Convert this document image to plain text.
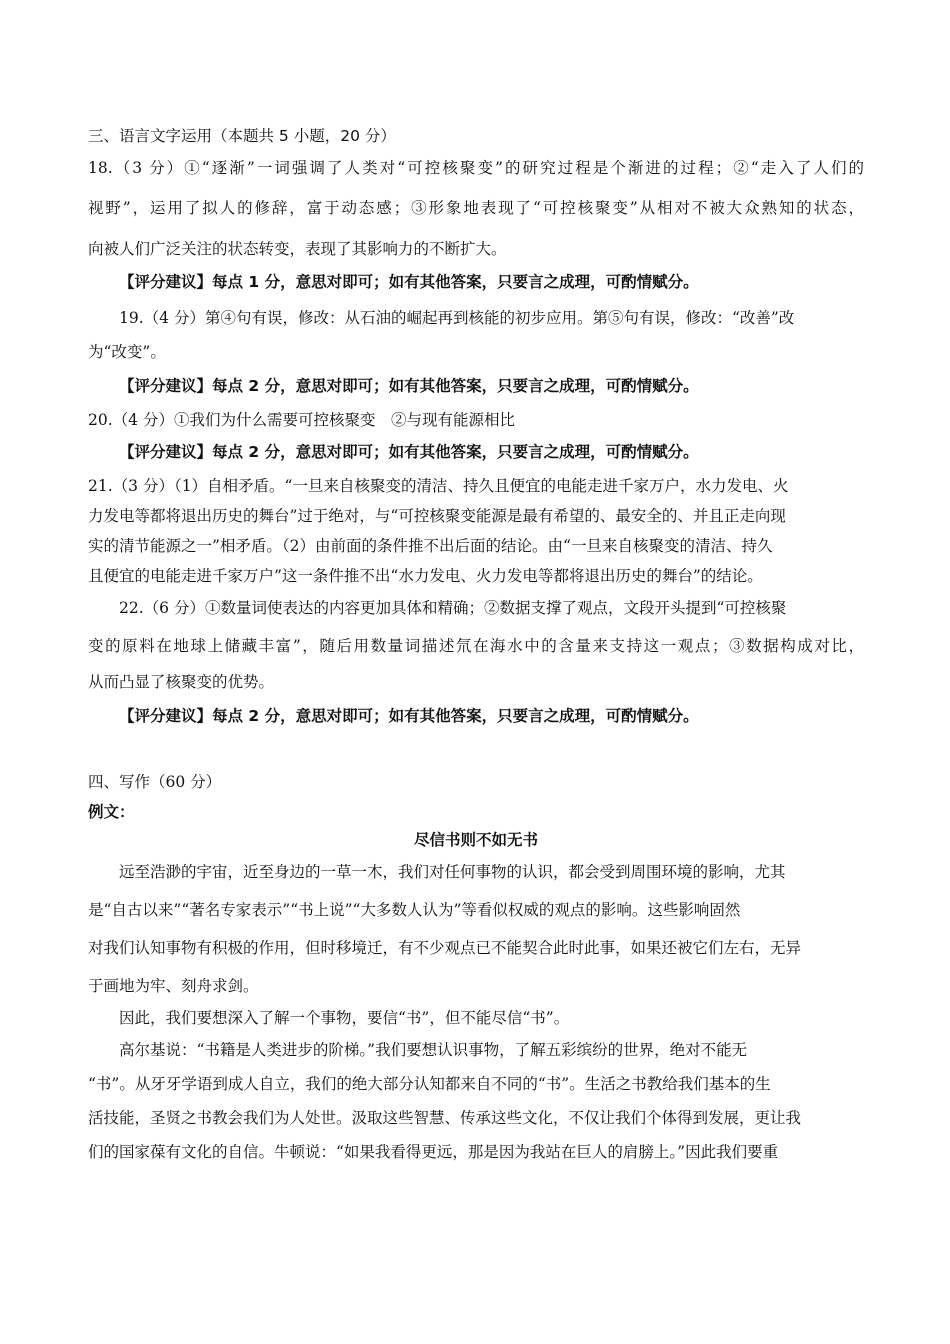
三、语言文字运用（本题共 5 小题，20 分）
18.（3 分）①“逐渐”一词强调了人类对“可控核聚变”的研究过程是个渐进的过程；②“走入了人们的
视野”，运用了拟人的修辞，富于动态感；③形象地表现了“可控核聚变”从相对不被大众熟知的状态，
向被人们广泛关注的状态转变，表现了其影响力的不断扩大。
【评分建议】每点 1 分，意思对即可；如有其他答案，只要言之成理，可酌情赋分。
19.（4 分）第④句有误，修改：从石油的崛起再到核能的初步应用。第⑤句有误，修改：“改善”改
为“改变”。
【评分建议】每点 2 分，意思对即可；如有其他答案，只要言之成理，可酌情赋分。
20.（4 分）①我们为什么需要可控核聚变　②与现有能源相比
【评分建议】每点 2 分，意思对即可；如有其他答案，只要言之成理，可酌情赋分。
21.（3 分）（1）自相矛盾。“一旦来自核聚变的清洁、持久且便宜的电能走进千家万户，水力发电、火
力发电等都将退出历史的舞台”过于绝对，与“可控核聚变能源是最有希望的、最安全的、并且正走向现
实的清节能源之一”相矛盾。（2）由前面的条件推不出后面的结论。由“一旦来自核聚变的清洁、持久
且便宜的电能走进千家万户”这一条件推不出“水力发电、火力发电等都将退出历史的舞台”的结论。
22.（6 分）①数量词使表达的内容更加具体和精确；②数据支撑了观点，文段开头提到“可控核聚
变的原料在地球上储藏丰富”，随后用数量词描述氘在海水中的含量来支持这一观点；③数据构成对比，
从而凸显了核聚变的优势。
【评分建议】每点 2 分，意思对即可；如有其他答案，只要言之成理，可酌情赋分。
四、写作（60 分）
例文：
尽信书则不如无书
远至浩渺的宇宙，近至身边的一草一木，我们对任何事物的认识，都会受到周围环境的影响，尤其
是“自古以来”“著名专家表示”“书上说”“大多数人认为”等看似权威的观点的影响。这些影响固然
对我们认知事物有积极的作用，但时移境迁，有不少观点已不能契合此时此事，如果还被它们左右，无异
于画地为牢、刻舟求剑。
因此，我们要想深入了解一个事物，要信“书”，但不能尽信“书”。
高尔基说：“书籍是人类进步的阶梯。”我们要想认识事物，了解五彩缤纷的世界，绝对不能无
“书”。从牙牙学语到成人自立，我们的绝大部分认知都来自不同的“书”。生活之书教给我们基本的生
活技能，圣贤之书教会我们为人处世。汲取这些智慧、传承这些文化，不仅让我们个体得到发展，更让我
们的国家葆有文化的自信。牛顿说：“如果我看得更远，那是因为我站在巨人的肩膀上。”因此我们要重
